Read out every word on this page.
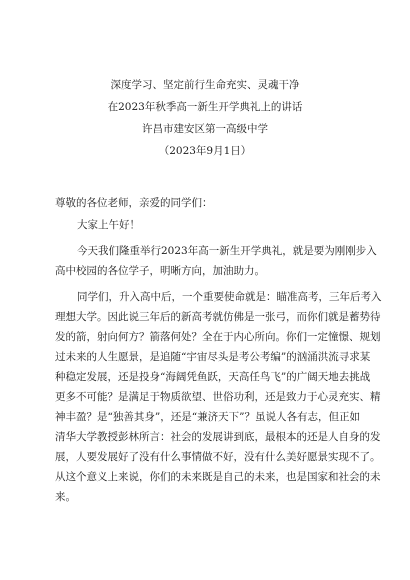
深度学习、坚定前行生命充实、灵魂干净

在2023年秋季高一新生开学典礼上的讲话

许昌市建安区第一高级中学

（2023年9月1日）

尊敬的各位老师，亲爱的同学们：

大家上午好！

今天我们隆重举行2023年高一新生开学典礼，就是要为刚刚步入
高中校园的各位学子，明晰方向，加油助力。
同学们，升入高中后，一个重要使命就是：瞄准高考，三年后考入
理想大学。因此说三年后的新高考就仿佛是一张弓，而你们就是蓄势待
发的箭，射向何方？箭落何处？全在于内心所向。你们一定憧憬、规划
过未来的人生愿景，是追随“宇宙尽头是考公考编”的汹涌洪流寻求某
种稳定发展，还是投身“海阔凭鱼跃，天高任鸟飞”的广阔天地去挑战
更多不可能？是满足于物质欲望、世俗功利，还是致力于心灵充实、精
神丰盈？是“独善其身”，还是“兼济天下”？虽说人各有志，但正如
清华大学教授彭林所言：社会的发展讲到底，最根本的还是人自身的发
展，人要发展好了没有什么事情做不好，没有什么美好愿景实现不了。
从这个意义上来说，你们的未来既是自己的未来，也是国家和社会的未
来。
